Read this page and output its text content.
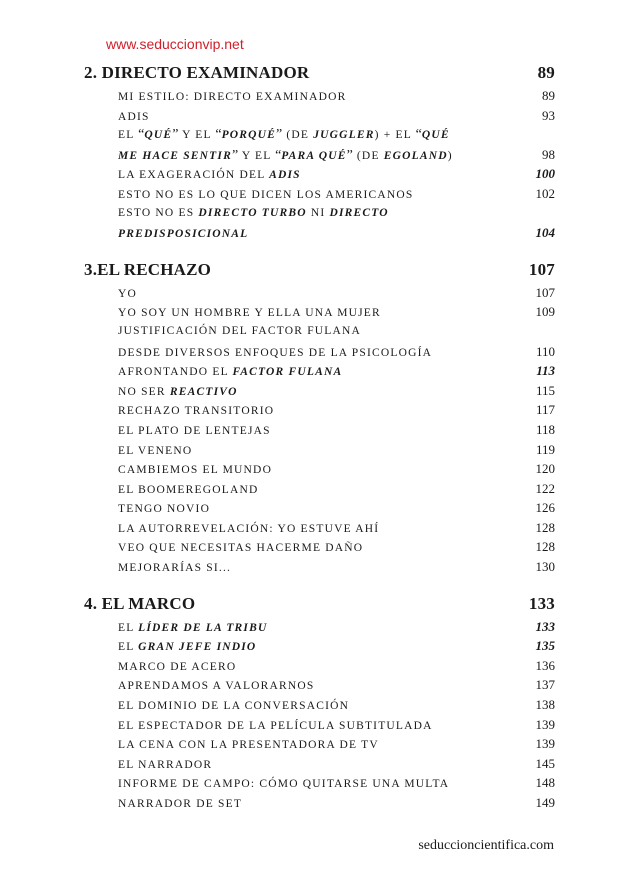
www.seduccionvip.net
2. DIRECTO EXAMINADOR	89
MI ESTILO: DIRECTO EXAMINADOR	89
ADIS	93
EL “QUÉ” Y EL “PORQUÉ” (DE JUGGLER) + EL “QUÉ
ME HACE SENTIR” Y EL “PARA QUÉ” (DE EGOLAND)	98
LA EXAGERACIÓN DEL ADIS	100
ESTO NO ES LO QUE DICEN LOS AMERICANOS	102
ESTO NO ES DIRECTO TURBO NI DIRECTO
PREDISPOSICIONAL	104
3.EL RECHAZO	107
YO	107
YO SOY UN HOMBRE Y ELLA UNA MUJER	109
JUSTIFICACIÓN DEL FACTOR FULANA
DESDE DIVERSOS ENFOQUES DE LA PSICOLOGÍA	110
AFRONTANDO EL FACTOR FULANA	113
NO SER REACTIVO	115
RECHAZO TRANSITORIO	117
EL PLATO DE LENTEJAS	118
EL VENENO	119
CAMBIEMOS EL MUNDO	120
EL BOOMEREGOLAND	122
TENGO NOVIO	126
LA AUTORREVELACIÓN: YO ESTUVE AHÍ	128
VEO QUE NECESITAS HACERME DAÑO	128
MEJORARÍAS SI...	130
4. EL MARCO	133
EL LÍDER DE LA TRIBU	133
EL GRAN JEFE INDIO	135
MARCO DE ACERO	136
APRENDAMOS A VALORARNOS	137
EL DOMINIO DE LA CONVERSACIÓN	138
EL ESPECTADOR DE LA PELÍCULA SUBTITULADA	139
LA CENA CON LA PRESENTADORA DE TV	139
EL NARRADOR	145
INFORME DE CAMPO: CÓMO QUITARSE UNA MULTA	148
NARRADOR DE SET	149
seduccioncientifica.com
